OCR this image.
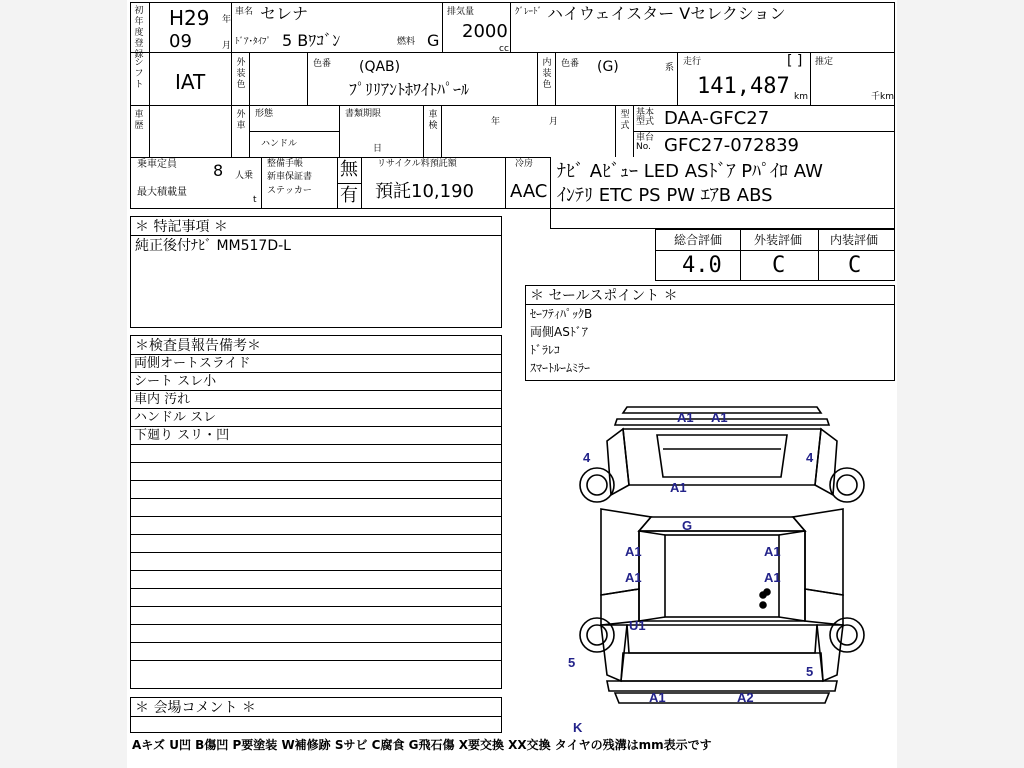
初年度登録
H29 年
09	月
車名 セレナ
ﾄﾞｱ･ﾀｲﾌﾟ 5 Bﾜｺﾞﾝ	燃料 G
排気量
2000
cc
ｸﾞﾚｰﾄﾞ ハイウェイスター Vセレクション
シフト IAT
外装色
色番 (QAB)
ﾌﾟﾘﾘｱﾝﾄﾎﾜｲﾄﾊﾟｰﾙ
内装色
色番 (G)	系
走行	[ ]
141,487 km
推定
千km
車歴
外車
形態
ハンドル
書類期限
日
車検	年	月
型式
基本型式 DAA-GFC27
車台No. GFC27-072839
乗車定員 8 人乗
最大積載量
t
整備手帳
新車保証書
ステッカー
無
有
リサイクル料預託額
預託10,190
冷房
AAC
ﾅﾋﾞ Aﾋﾞｭｰ LED ASﾄﾞｱ Pﾊﾟｲﾛ AW
ｲﾝﾃﾘ ETC PS PW ｴｱB ABS
＊ 特記事項 ＊
純正後付ﾅﾋﾞ MM517D-L	総合評価	外装評価 内装評価
4.0 C	C
＊ セールスポイント ＊
ｾｰﾌﾃｨﾊﾟｯｸB
両側ASﾄﾞｱ
ﾄﾞﾗﾚｺ
ｽﾏｰﾄﾙｰﾑﾐﾗｰ
＊検査員報告備考＊
両側オートスライド
シート スレ小
車内 汚れ
ハンドル スレ
下廻り スリ・凹
＊ 会場コメント ＊
A1 A1
A1
4	4
G
A1	A1
A1	A1
U1
5
5
A1	A2
K
Aキズ U凹 B傷凹 P要塗装 W補修跡 Sサビ C腐食 G飛石傷 X要交換 XX交換 タイヤの残溝はmm表示です
